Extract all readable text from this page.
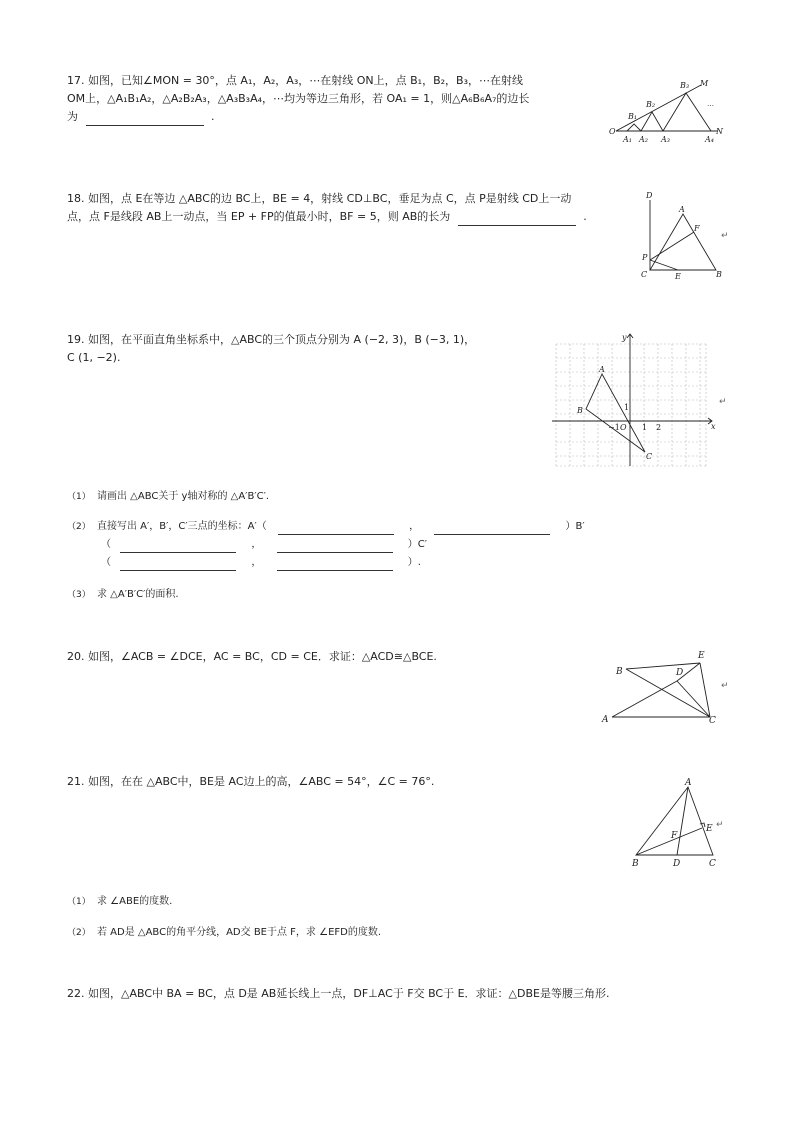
17. 如图，已知∠MON = 30°，点 A₁，A₂，A₃，⋯在射线 ON上，点 B₁，B₂，B₃，⋯在射线
OM上，△A₁B₁A₂，△A₂B₂A₃，△A₃B₃A₄，⋯均为等边三角形，若 OA₁ = 1，则△A₆B₆A₇的边长
为	.
O	N
M
B₁
B₂
B₃
A₁ A₂ A₃	A₄
⋯
18. 如图，点 E在等边 △ABC的边 BC上，BE = 4，射线 CD⊥BC，垂足为点 C，点 P是射线 CD上一动
点，点 F是线段 AB上一动点，当 EP + FP的值最小时，BF = 5，则 AB的长为	.
D
A
F
P
C	E	B
↵
19. 如图，在平面直角坐标系中，△ABC的三个顶点分别为 A (−2, 3)，B (−3, 1)，
C (1, −2).
y
x
O
1
−1	1 2
A
B
C
↵
（1） 请画出 △ABC关于 y轴对称的 △A′B′C′.
（2） 直接写出 A′，B′，C′三点的坐标：A′（	，	）B′
（	，	）C′
（	，	）.
（3） 求 △A′B′C′的面积.
20. 如图，∠ACB = ∠DCE，AC = BC，CD = CE．求证：△ACD≅△BCE.
B	D
E
A	C
↵
21. 如图，在在 △ABC中，BE是 AC边上的高，∠ABC = 54°，∠C = 76°.	A
E
F
B	D	C
↵
（1） 求 ∠ABE的度数.
（2） 若 AD是 △ABC的角平分线，AD交 BE于点 F，求 ∠EFD的度数.
22. 如图，△ABC中 BA = BC，点 D是 AB延长线上一点，DF⊥AC于 F交 BC于 E．求证：△DBE是等腰三角形.
